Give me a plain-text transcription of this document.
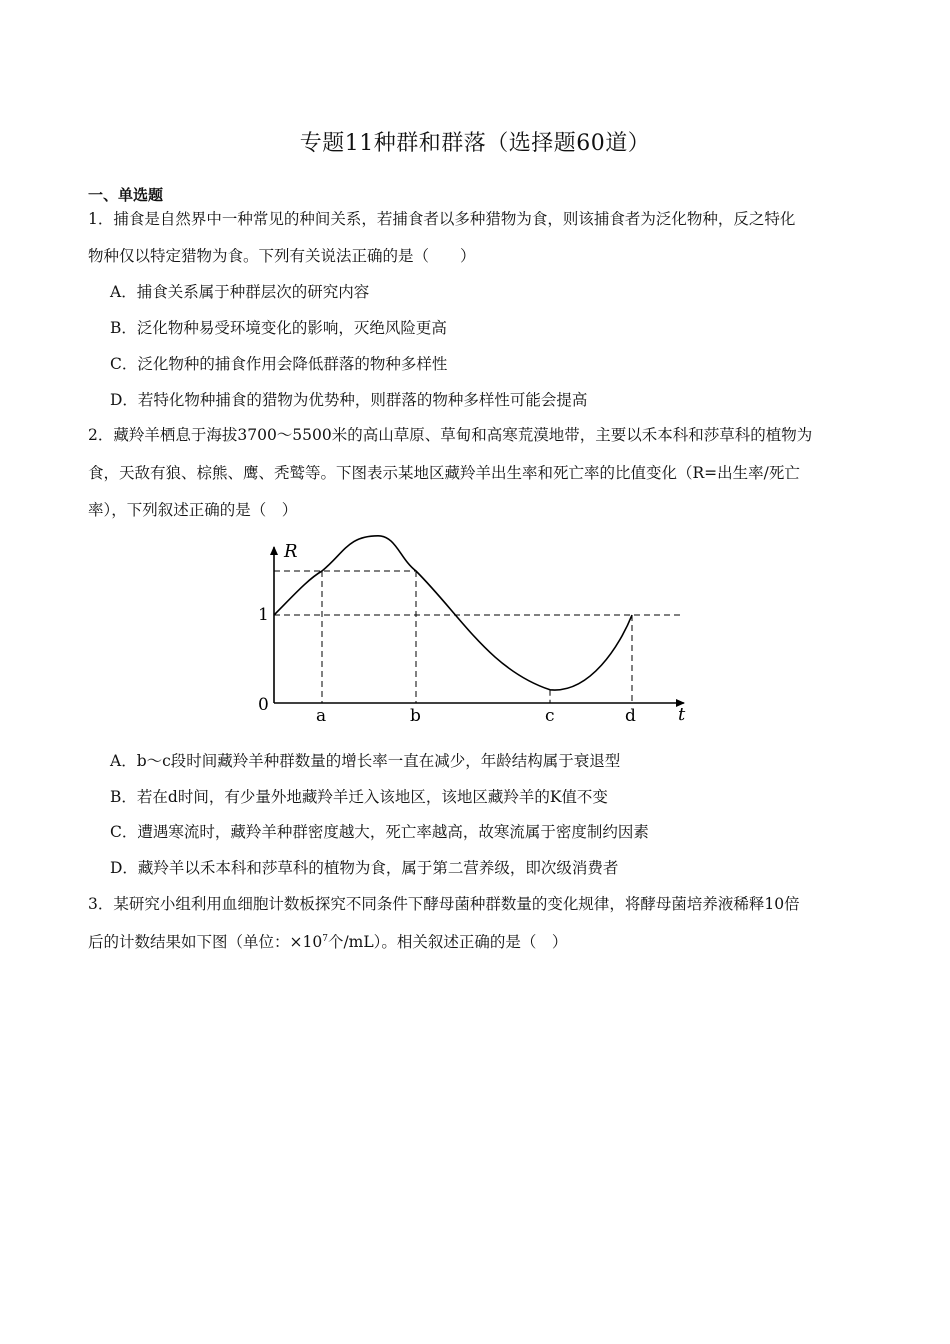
专题11种群和群落（选择题60道）
一、单选题
1．捕食是自然界中一种常见的种间关系，若捕食者以多种猎物为食，则该捕食者为泛化物种，反之特化
物种仅以特定猎物为食。下列有关说法正确的是（　　）
A．捕食关系属于种群层次的研究内容
B．泛化物种易受环境变化的影响，灭绝风险更高
C．泛化物种的捕食作用会降低群落的物种多样性
D．若特化物种捕食的猎物为优势种，则群落的物种多样性可能会提高
2．藏羚羊栖息于海拔3700～5500米的高山草原、草甸和高寒荒漠地带，主要以禾本科和莎草科的植物为
食，天敌有狼、棕熊、鹰、秃鹫等。下图表示某地区藏羚羊出生率和死亡率的比值变化（R=出生率/死亡
率），下列叙述正确的是（　）
R
t
0
1
a	b	c	d
A．b～c段时间藏羚羊种群数量的增长率一直在减少，年龄结构属于衰退型
B．若在d时间，有少量外地藏羚羊迁入该地区，该地区藏羚羊的K值不变
C．遭遇寒流时，藏羚羊种群密度越大，死亡率越高，故寒流属于密度制约因素
D．藏羚羊以禾本科和莎草科的植物为食，属于第二营养级，即次级消费者
3．某研究小组利用血细胞计数板探究不同条件下酵母菌种群数量的变化规律，将酵母菌培养液稀释10倍
后的计数结果如下图（单位：$\times 10^7$个/mL）。相关叙述正确的是（　）
